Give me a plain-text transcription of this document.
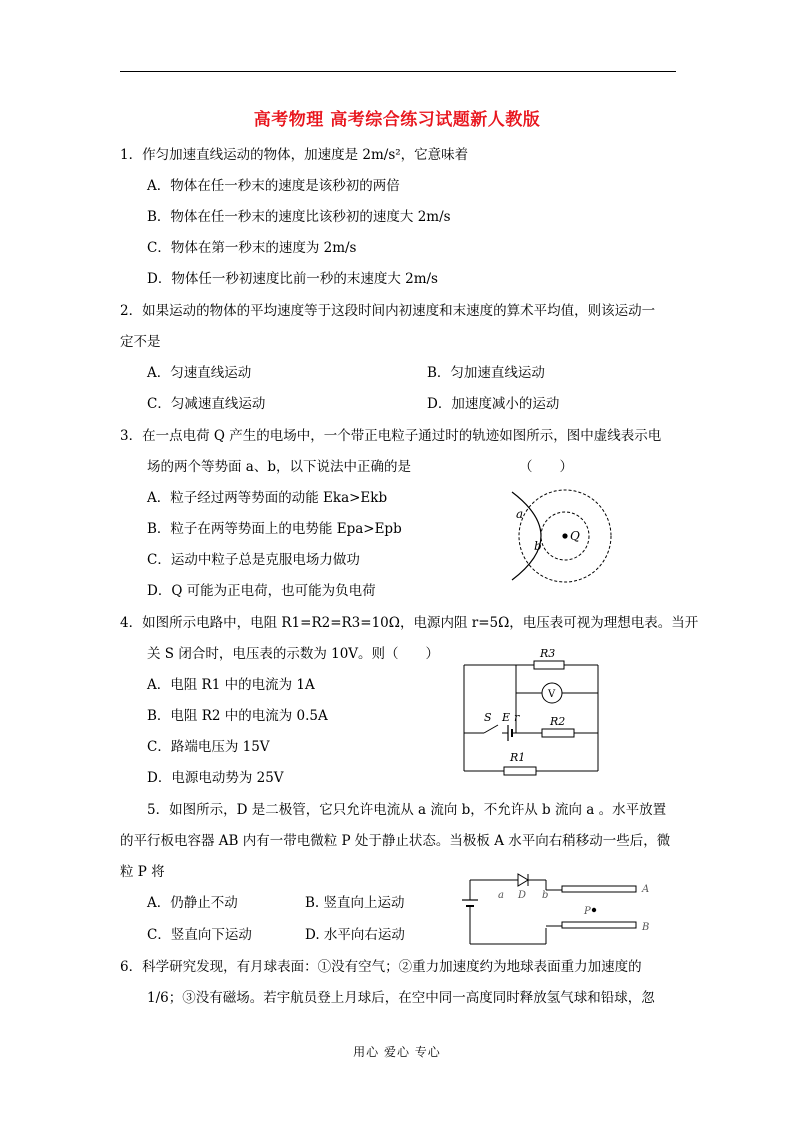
高考物理 高考综合练习试题新人教版
1．作匀加速直线运动的物体，加速度是 2m/s²，它意味着
A．物体在任一秒末的速度是该秒初的两倍
B．物体在任一秒末的速度比该秒初的速度大 2m/s
C．物体在第一秒末的速度为 2m/s
D．物体任一秒初速度比前一秒的末速度大 2m/s
2．如果运动的物体的平均速度等于这段时间内初速度和末速度的算术平均值，则该运动一
定不是
A．匀速直线运动	B．匀加速直线运动
C．匀减速直线运动	D．加速度减小的运动
3．在一点电荷 Q 产生的电场中，一个带正电粒子通过时的轨迹如图所示，图中虚线表示电
场的两个等势面 a、b，以下说法中正确的是	（　　）
A．粒子经过两等势面的动能 Eka>Ekb
B．粒子在两等势面上的电势能 Epa>Epb
C．运动中粒子总是克服电场力做功
D．Q 可能为正电荷，也可能为负电荷
Q
a
b
4．如图所示电路中，电阻 R1=R2=R3=10Ω，电源内阻 r=5Ω，电压表可视为理想电表。当开
关 S 闭合时，电压表的示数为 10V。则（　　）
A．电阻 R1 中的电流为 1A
B．电阻 R2 中的电流为 0.5A
C．路端电压为 15V
D．电源电动势为 25V
R3
V
S E r	R2
R1
5．如图所示，D 是二极管，它只允许电流从 a 流向 b，不允许从 b 流向 a 。水平放置
的平行板电容器 AB 内有一带电微粒 P 处于静止状态。当极板 A 水平向右稍移动一些后，微
粒 P 将
A．仍静止不动	B. 竖直向上运动
C．竖直向下运动	D. 水平向右运动
a D b
A
P
B
6．科学研究发现，有月球表面：①没有空气；②重力加速度约为地球表面重力加速度的
1/6；③没有磁场。若宇航员登上月球后，在空中同一高度同时释放氢气球和铅球，忽
用心 爱心 专心
